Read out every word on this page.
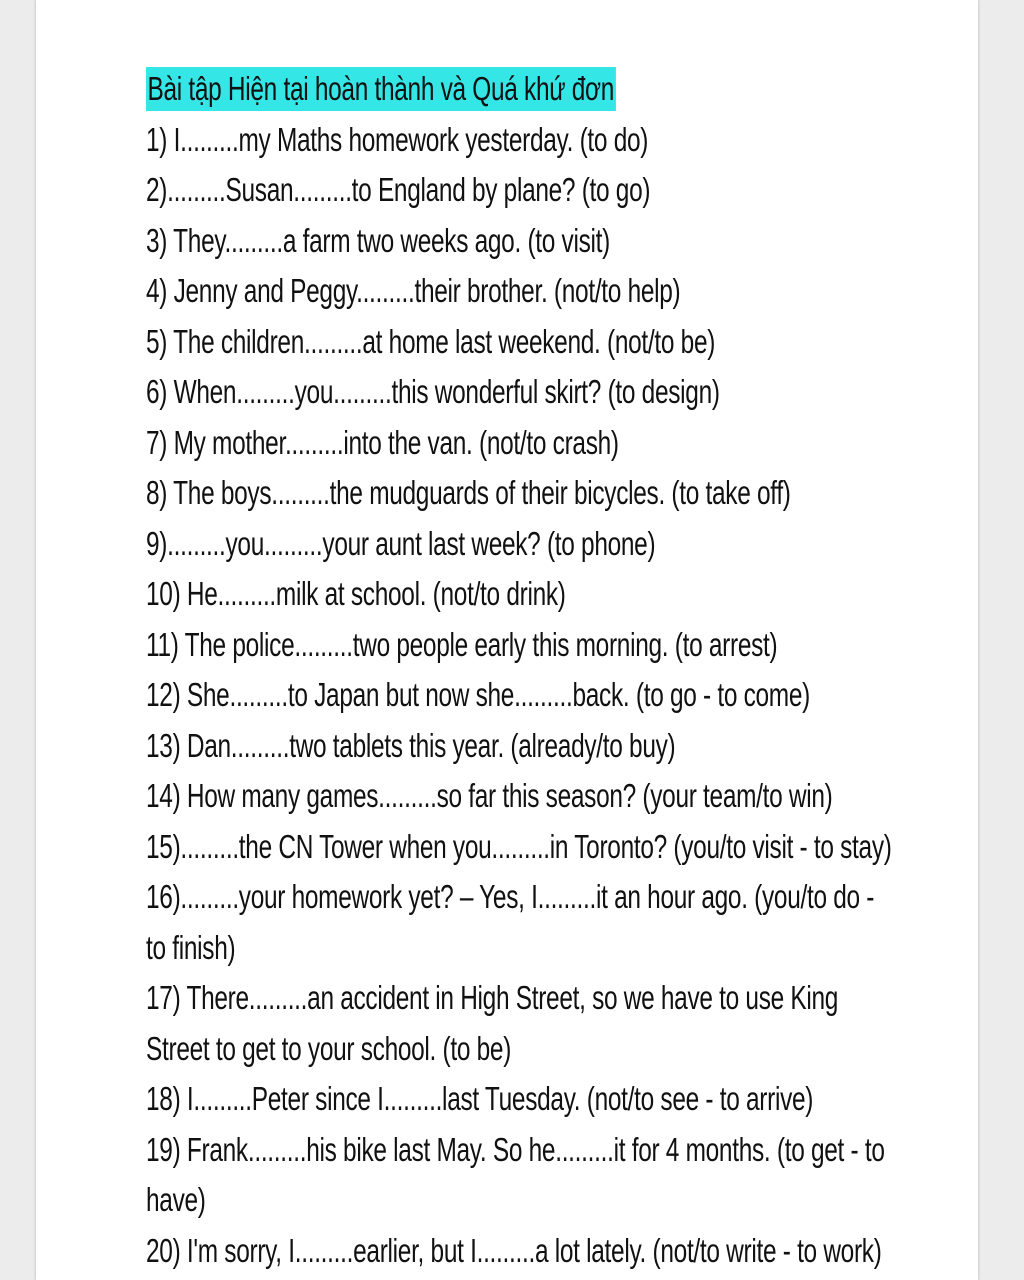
Bài tập Hiện tại hoàn thành và Quá khứ đơn
1) I.........my Maths homework yesterday. (to do)
2).........Susan.........to England by plane? (to go)
3) They.........a farm two weeks ago. (to visit)
4) Jenny and Peggy.........their brother. (not/to help)
5) The children.........at home last weekend. (not/to be)
6) When.........you.........this wonderful skirt? (to design)
7) My mother.........into the van. (not/to crash)
8) The boys.........the mudguards of their bicycles. (to take off)
9).........you.........your aunt last week? (to phone)
10) He.........milk at school. (not/to drink)
11) The police.........two people early this morning. (to arrest)
12) She.........to Japan but now she.........back. (to go - to come)
13) Dan.........two tablets this year. (already/to buy)
14) How many games.........so far this season? (your team/to win)
15).........the CN Tower when you.........in Toronto? (you/to visit - to stay)
16).........your homework yet? – Yes, I.........it an hour ago. (you/to do - to finish)
17) There.........an accident in High Street, so we have to use King Street to get to your school. (to be)
18) I.........Peter since I.........last Tuesday. (not/to see - to arrive)
19) Frank.........his bike last May. So he.........it for 4 months. (to get - to have)
20) I'm sorry, I.........earlier, but I.........a lot lately. (not/to write - to work)
